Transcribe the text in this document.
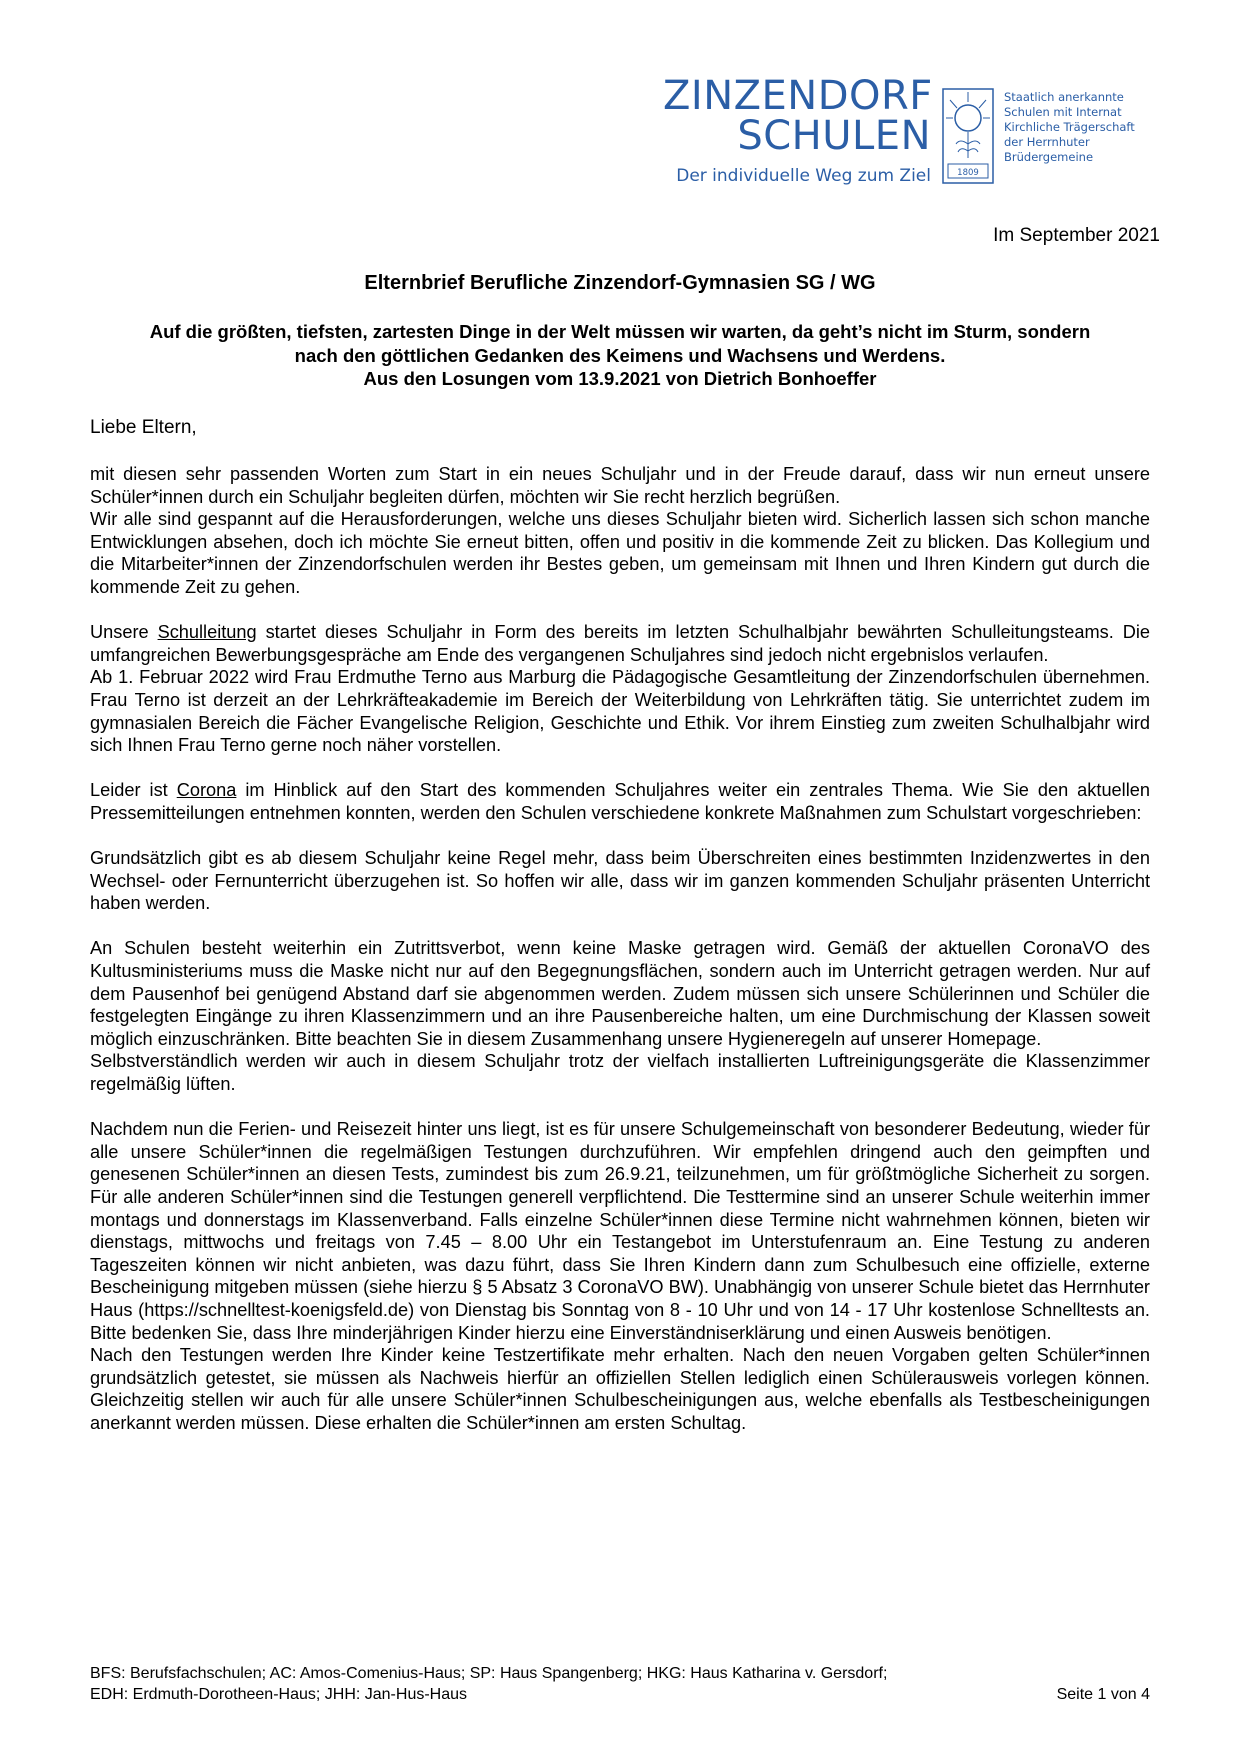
ZINZENDORF
SCHULEN
Der individuelle Weg zum Ziel	1809
Staatlich anerkannte
Schulen mit Internat
Kirchliche Trägerschaft
der Herrnhuter
Brüdergemeine
Im September 2021
Elternbrief Berufliche Zinzendorf-Gymnasien SG / WG

Auf die größten, tiefsten, zartesten Dinge in der Welt müssen wir warten, da geht’s nicht im Sturm, sondern

nach den göttlichen Gedanken des Keimens und Wachsens und Werdens.

Aus den Losungen vom 13.9.2021 von Dietrich Bonhoeffer

Liebe Eltern,

mit diesen sehr passenden Worten zum Start in ein neues Schuljahr und in der Freude darauf, dass wir nun erneut unsere Schüler*innen durch ein Schuljahr begleiten dürfen, möchten wir Sie recht herzlich begrüßen.

Wir alle sind gespannt auf die Herausforderungen, welche uns dieses Schuljahr bieten wird. Sicherlich lassen sich schon manche Entwicklungen absehen, doch ich möchte Sie erneut bitten, offen und positiv in die kommende Zeit zu blicken. Das Kollegium und die Mitarbeiter*innen der Zinzendorfschulen werden ihr Bestes geben, um gemeinsam mit Ihnen und Ihren Kindern gut durch die kommende Zeit zu gehen.

Unsere Schulleitung startet dieses Schuljahr in Form des bereits im letzten Schulhalbjahr bewährten Schulleitungsteams. Die umfangreichen Bewerbungsgespräche am Ende des vergangenen Schuljahres sind jedoch nicht ergebnislos verlaufen.

Ab 1. Februar 2022 wird Frau Erdmuthe Terno aus Marburg die Pädagogische Gesamtleitung der Zinzendorfschulen übernehmen. Frau Terno ist derzeit an der Lehrkräfteakademie im Bereich der Weiterbildung von Lehrkräften tätig. Sie unterrichtet zudem im gymnasialen Bereich die Fächer Evangelische Religion, Geschichte und Ethik. Vor ihrem Einstieg zum zweiten Schulhalbjahr wird sich Ihnen Frau Terno gerne noch näher vorstellen.

Leider ist Corona im Hinblick auf den Start des kommenden Schuljahres weiter ein zentrales Thema. Wie Sie den aktuellen Pressemitteilungen entnehmen konnten, werden den Schulen verschiedene konkrete Maßnahmen zum Schulstart vorgeschrieben:

Grundsätzlich gibt es ab diesem Schuljahr keine Regel mehr, dass beim Überschreiten eines bestimmten Inzidenzwertes in den Wechsel- oder Fernunterricht überzugehen ist. So hoffen wir alle, dass wir im ganzen kommenden Schuljahr präsenten Unterricht haben werden.

An Schulen besteht weiterhin ein Zutrittsverbot, wenn keine Maske getragen wird. Gemäß der aktuellen CoronaVO des Kultusministeriums muss die Maske nicht nur auf den Begegnungsflächen, sondern auch im Unterricht getragen werden. Nur auf dem Pausenhof bei genügend Abstand darf sie abgenommen werden. Zudem müssen sich unsere Schülerinnen und Schüler die festgelegten Eingänge zu ihren Klassenzimmern und an ihre Pausenbereiche halten, um eine Durchmischung der Klassen soweit möglich einzuschränken. Bitte beachten Sie in diesem Zusammenhang unsere Hygieneregeln auf unserer Homepage.

Selbstverständlich werden wir auch in diesem Schuljahr trotz der vielfach installierten Luftreinigungsgeräte die Klassenzimmer regelmäßig lüften.

Nachdem nun die Ferien- und Reisezeit hinter uns liegt, ist es für unsere Schulgemeinschaft von besonderer Bedeutung, wieder für alle unsere Schüler*innen die regelmäßigen Testungen durchzuführen. Wir empfehlen dringend auch den geimpften und genesenen Schüler*innen an diesen Tests, zumindest bis zum 26.9.21, teilzunehmen, um für größtmögliche Sicherheit zu sorgen. Für alle anderen Schüler*innen sind die Testungen generell verpflichtend. Die Testtermine sind an unserer Schule weiterhin immer montags und donnerstags im Klassenverband. Falls einzelne Schüler*innen diese Termine nicht wahrnehmen können, bieten wir dienstags, mittwochs und freitags von 7.45 – 8.00 Uhr ein Testangebot im Unterstufenraum an. Eine Testung zu anderen Tageszeiten können wir nicht anbieten, was dazu führt, dass Sie Ihren Kindern dann zum Schulbesuch eine offizielle, externe Bescheinigung mitgeben müssen (siehe hierzu § 5 Absatz 3 CoronaVO BW). Unabhängig von unserer Schule bietet das Herrnhuter Haus (https://schnelltest-koenigsfeld.de) von Dienstag bis Sonntag von 8 - 10 Uhr und von 14 - 17 Uhr kostenlose Schnelltests an. Bitte bedenken Sie, dass Ihre minderjährigen Kinder hierzu eine Einverständniserklärung und einen Ausweis benötigen.

Nach den Testungen werden Ihre Kinder keine Testzertifikate mehr erhalten. Nach den neuen Vorgaben gelten Schüler*innen grundsätzlich getestet, sie müssen als Nachweis hierfür an offiziellen Stellen lediglich einen Schülerausweis vorlegen können. Gleichzeitig stellen wir auch für alle unsere Schüler*innen Schulbescheinigungen aus, welche ebenfalls als Testbescheinigungen anerkannt werden müssen. Diese erhalten die Schüler*innen am ersten Schultag.

BFS: Berufsfachschulen; AC: Amos-Comenius-Haus; SP: Haus Spangenberg; HKG: Haus Katharina v. Gersdorf;
EDH: Erdmuth-Dorotheen-Haus; JHH: Jan-Hus-Haus	Seite 1 von 4
